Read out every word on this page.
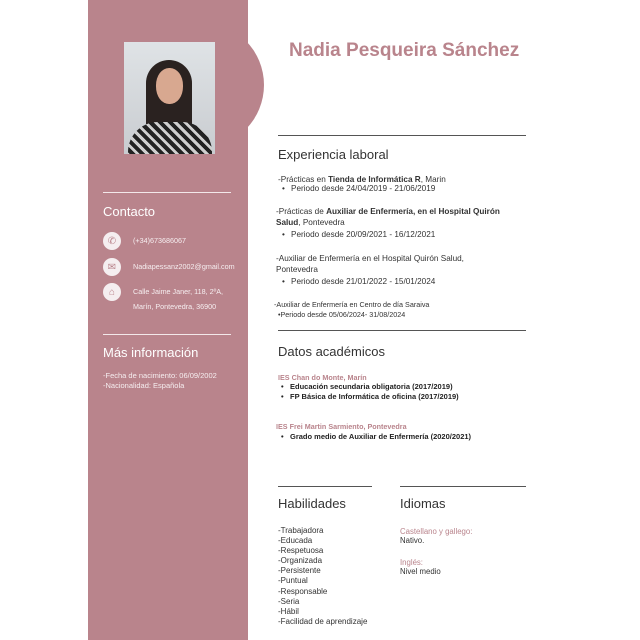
Contacto
✆	(+34)673686067
✉	Nadiapessanz2002@gmail.com
⌂	Calle Jaime Janer, 118, 2ºA,
Marín, Pontevedra, 36900
Más información
-Fecha de nacimiento: 06/09/2002
-Nacionalidad: Española
Nadia Pesqueira Sánchez
Experiencia laboral
-Prácticas en Tienda de Informática R, Marin
• Periodo desde 24/04/2019 - 21/06/2019
-Prácticas de Auxiliar de Enfermería, en el Hospital Quirón
Salud, Pontevedra
• Periodo desde 20/09/2021 - 16/12/2021
-Auxiliar de Enfermería en el Hospital Quirón Salud,
Pontevedra
• Periodo desde 21/01/2022 - 15/01/2024
-Auxiliar de Enfermería en Centro de día Saraiva
•Periodo desde 05/06/2024- 31/08/2024
Datos académicos
IES Chan do Monte, Marín
• Educación secundaria obligatoria (2017/2019)
• FP Básica de Informática de oficina (2017/2019)
IES Frei Martin Sarmiento, Pontevedra
• Grado medio de Auxiliar de Enfermería (2020/2021)
Habilidades	Idiomas
-Trabajadora
-Educada
-Respetuosa
-Organizada
-Persistente
-Puntual
-Responsable
-Seria
-Hábil
-Facilidad de aprendizaje
Castellano y gallego:
Nativo.
Inglés:
Nivel medio
